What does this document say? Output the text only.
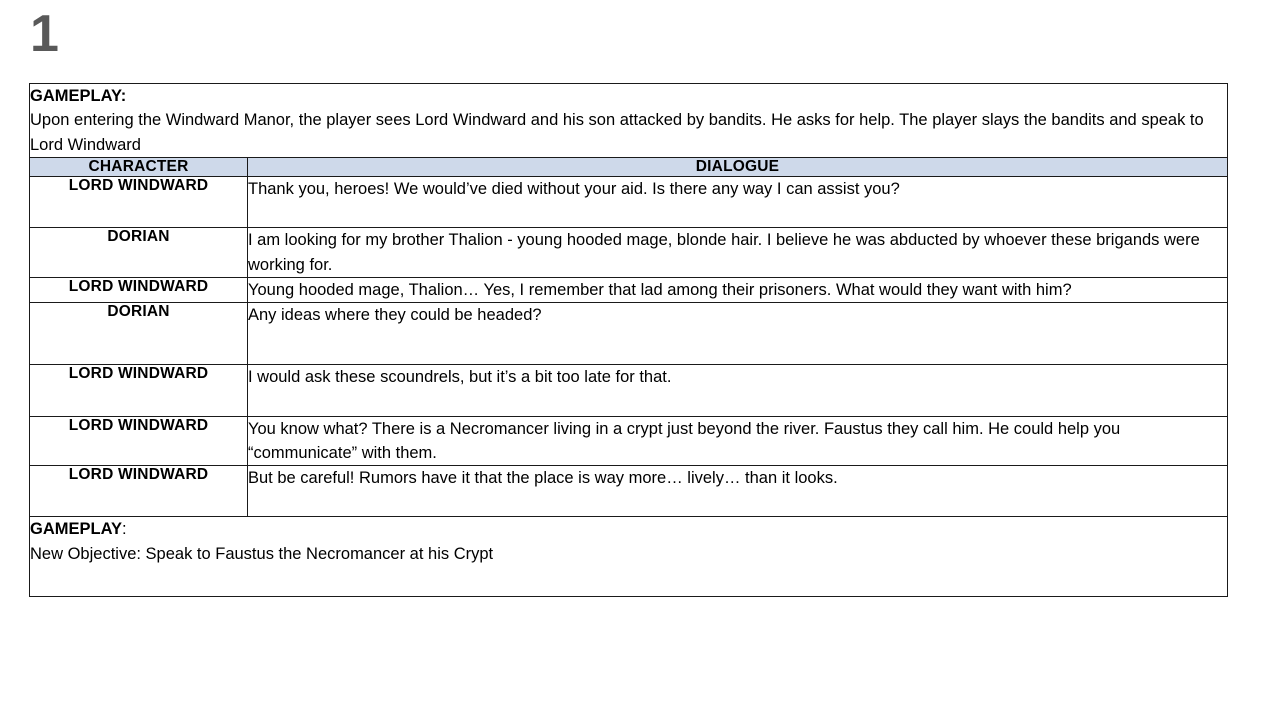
1
GAMEPLAY:
Upon entering the Windward Manor, the player sees Lord Windward and his son attacked by bandits. He asks for help. The player slays the bandits and speak to Lord Windward	

CHARACTER	DIALOGUE
LORD WINDWARD	Thank you, heroes! We would’ve died without your aid. Is there any way I can assist you?
DORIAN	I am looking for my brother Thalion - young hooded mage, blonde hair. I believe he was abducted by whoever these brigands were working for.
LORD WINDWARD	Young hooded mage, Thalion… Yes, I remember that lad among their prisoners. What would they want with him?
DORIAN	Any ideas where they could be headed?
LORD WINDWARD	I would ask these scoundrels, but it’s a bit too late for that.
LORD WINDWARD	You know what? There is a Necromancer living in a crypt just beyond the river. Faustus they call him. He could help you “communicate” with them.
LORD WINDWARD	But be careful! Rumors have it that the place is way more… lively… than it looks.
GAMEPLAY:
New Objective: Speak to Faustus the Necromancer at his Crypt	
